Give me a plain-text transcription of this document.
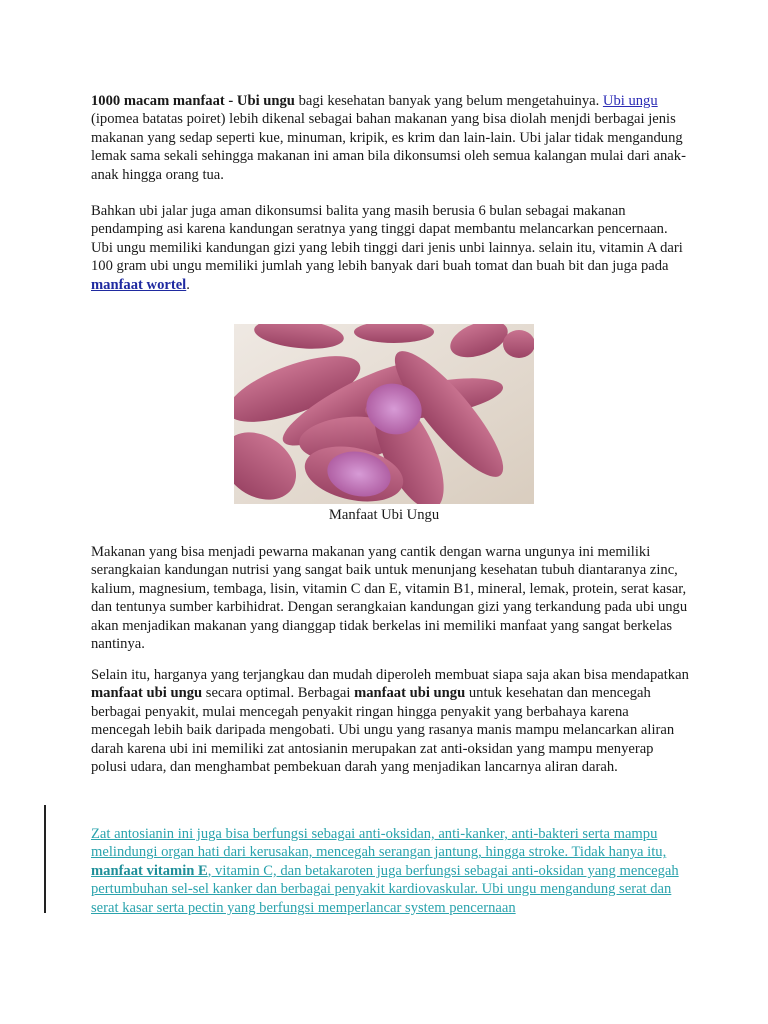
1000 macam manfaat - Ubi ungu bagi kesehatan banyak yang belum mengetahuinya. Ubi ungu (ipomea batatas poiret) lebih dikenal sebagai bahan makanan yang bisa diolah menjdi berbagai jenis makanan yang sedap seperti kue, minuman, kripik, es krim dan lain-lain. Ubi jalar tidak mengandung lemak sama sekali sehingga makanan ini aman bila dikonsumsi oleh semua kalangan mulai dari anak-anak hingga orang tua.

Bahkan ubi jalar juga aman dikonsumsi balita yang masih berusia 6 bulan sebagai makanan pendamping asi karena kandungan seratnya yang tinggi dapat membantu melancarkan pencernaan. Ubi ungu memiliki kandungan gizi yang lebih tinggi dari jenis unbi lainnya. selain itu, vitamin A dari 100 gram ubi ungu memiliki jumlah yang lebih banyak dari buah tomat dan buah bit dan juga pada manfaat wortel.

Manfaat Ubi Ungu

Makanan yang bisa menjadi pewarna makanan yang cantik dengan warna ungunya ini memiliki serangkaian kandungan nutrisi yang sangat baik untuk menunjang kesehatan tubuh diantaranya zinc, kalium, magnesium, tembaga, lisin, vitamin C dan E, vitamin B1, mineral, lemak, protein, serat kasar, dan tentunya sumber karbihidrat. Dengan serangkaian kandungan gizi yang terkandung pada ubi ungu akan menjadikan makanan yang dianggap tidak berkelas ini memiliki manfaat yang sangat berkelas nantinya.

Selain itu, harganya yang terjangkau dan mudah diperoleh membuat siapa saja akan bisa mendapatkan manfaat ubi ungu secara optimal. Berbagai manfaat ubi ungu untuk kesehatan dan mencegah berbagai penyakit, mulai mencegah penyakit ringan hingga penyakit yang berbahaya karena mencegah lebih baik daripada mengobati. Ubi ungu yang rasanya manis mampu melancarkan aliran darah karena ubi ini memiliki zat antosianin merupakan zat anti-oksidan yang mampu menyerap polusi udara, dan menghambat pembekuan darah yang menjadikan lancarnya aliran darah.

Zat antosianin ini juga bisa berfungsi sebagai anti-oksidan, anti-kanker, anti-bakteri serta mampu melindungi organ hati dari kerusakan, mencegah serangan jantung, hingga stroke. Tidak hanya itu, manfaat vitamin E, vitamin C, dan betakaroten juga berfungsi sebagai anti-oksidan yang mencegah pertumbuhan sel-sel kanker dan berbagai penyakit kardiovaskular. Ubi ungu mengandung serat dan serat kasar serta pectin yang berfungsi memperlancar system pencernaan
